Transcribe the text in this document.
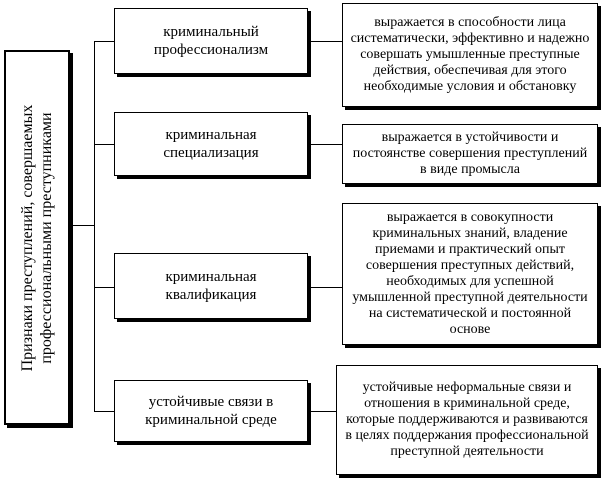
Признаки преступлений, совершаемых профессиональными преступниками
криминальный профессионализм
криминальная специализация
криминальная квалификация
устойчивые связи в криминальной среде
выражается в способности лица систематически, эффективно и надежно совершать умышленные преступные действия, обеспечивая для этого необходимые условия и обстановку
выражается в устойчивости и постоянстве совершения преступлений в виде промысла
выражается в совокупности криминальных знаний, владение приемами и практический опыт совершения преступных действий, необходимых для успешной умышленной преступной деятельности на систематической и постоянной основе
устойчивые неформальные связи и отношения в криминальной среде, которые поддерживаются и развиваются в целях поддержания профессиональной преступной деятельности
